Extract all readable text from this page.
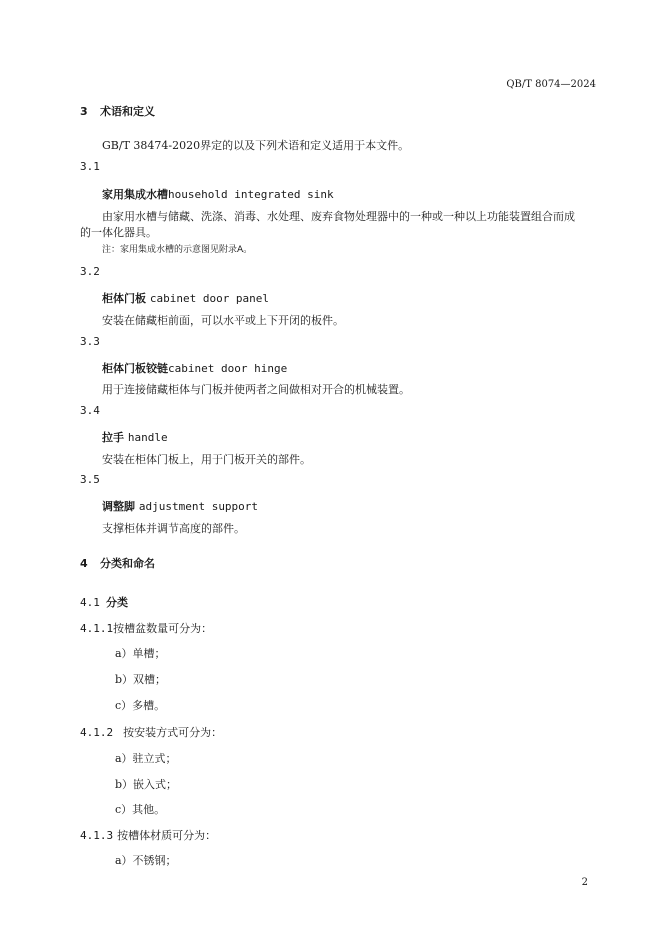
QB/T 8074—2024
3 术语和定义
GB/T 38474-2020界定的以及下列术语和定义适用于本文件。
3.1
家用集成水槽household integrated sink
由家用水槽与储藏、洗涤、消毒、水处理、废弃食物处理器中的一种或一种以上功能装置组合而成
的一体化器具。
注：家用集成水槽的示意图见附录A。
3.2
柜体门板 cabinet door panel
安装在储藏柜前面，可以水平或上下开闭的板件。
3.3
柜体门板铰链cabinet door hinge
用于连接储藏柜体与门板并使两者之间做相对开合的机械装置。
3.4
拉手 handle
安装在柜体门板上，用于门板开关的部件。
3.5
调整脚 adjustment support
支撑柜体并调节高度的部件。
4 分类和命名
4.1 分类
4.1.1按槽盆数量可分为：
a）单槽；
b）双槽；
c）多槽。
4.1.2 按安装方式可分为：
a）驻立式；
b）嵌入式；
c）其他。
4.1.3 按槽体材质可分为：
a）不锈钢；
2
